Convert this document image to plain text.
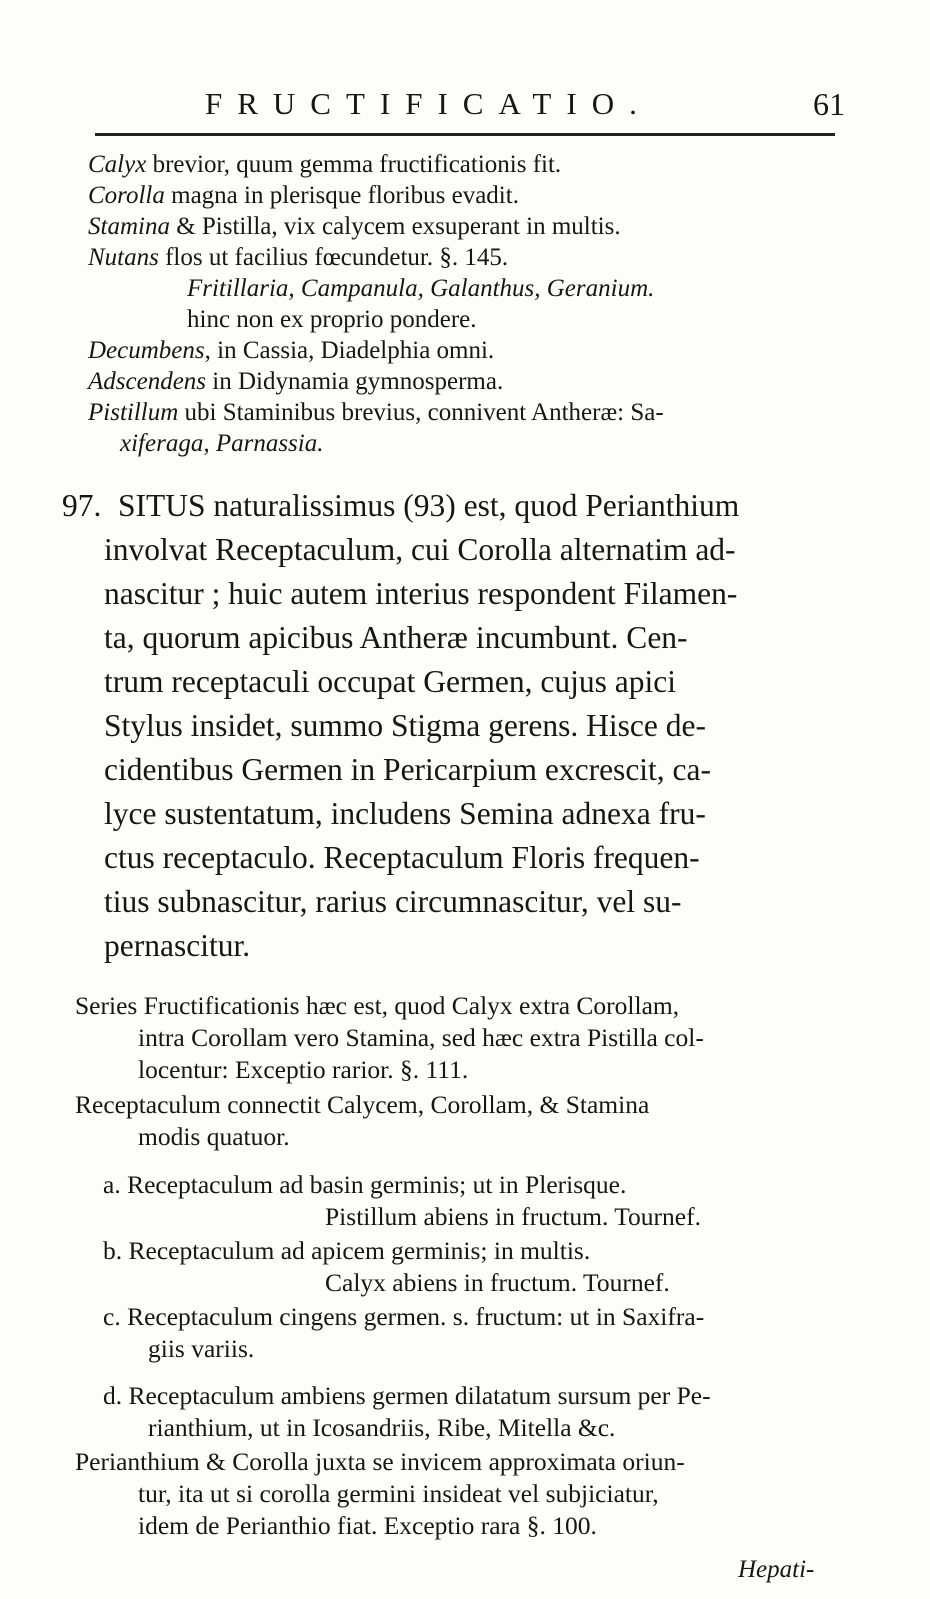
FRUCTIFICATIO.	61
Calyx brevior, quum gemma fructificationis fit.
Corolla magna in plerisque floribus evadit.
Stamina & Pistilla, vix calycem exsuperant in multis.
Nutans flos ut facilius fœcundetur. §. 145.
Fritillaria, Campanula, Galanthus, Geranium.
hinc non ex proprio pondere.
Decumbens, in Cassia, Diadelphia omni.
Adscendens in Didynamia gymnosperma.
Pistillum ubi Staminibus brevius, connivent Antheræ: Sa-
xiferaga, Parnassia.
97. SITUS naturalissimus (93) est, quod Perianthium
involvat Receptaculum, cui Corolla alternatim ad-
nascitur ; huic autem interius respondent Filamen-
ta, quorum apicibus Antheræ incumbunt. Cen-
trum receptaculi occupat Germen, cujus apici
Stylus insidet, summo Stigma gerens. Hisce de-
cidentibus Germen in Pericarpium excrescit, ca-
lyce sustentatum, includens Semina adnexa fru-
ctus receptaculo. Receptaculum Floris frequen-
tius subnascitur, rarius circumnascitur, vel su-
pernascitur.
Series Fructificationis hæc est, quod Calyx extra Corollam,
intra Corollam vero Stamina, sed hæc extra Pistilla col-
locentur: Exceptio rarior. §. 111.
Receptaculum connectit Calycem, Corollam, & Stamina
modis quatuor.
a. Receptaculum ad basin germinis; ut in Plerisque.
Pistillum abiens in fructum. Tournef.
b. Receptaculum ad apicem germinis; in multis.
Calyx abiens in fructum. Tournef.
c. Receptaculum cingens germen. s. fructum: ut in Saxifra-
giis variis.
d. Receptaculum ambiens germen dilatatum sursum per Pe-
rianthium, ut in Icosandriis, Ribe, Mitella &c.
Perianthium & Corolla juxta se invicem approximata oriun-
tur, ita ut si corolla germini insideat vel subjiciatur,
idem de Perianthio fiat. Exceptio rara §. 100.
Hepati-
